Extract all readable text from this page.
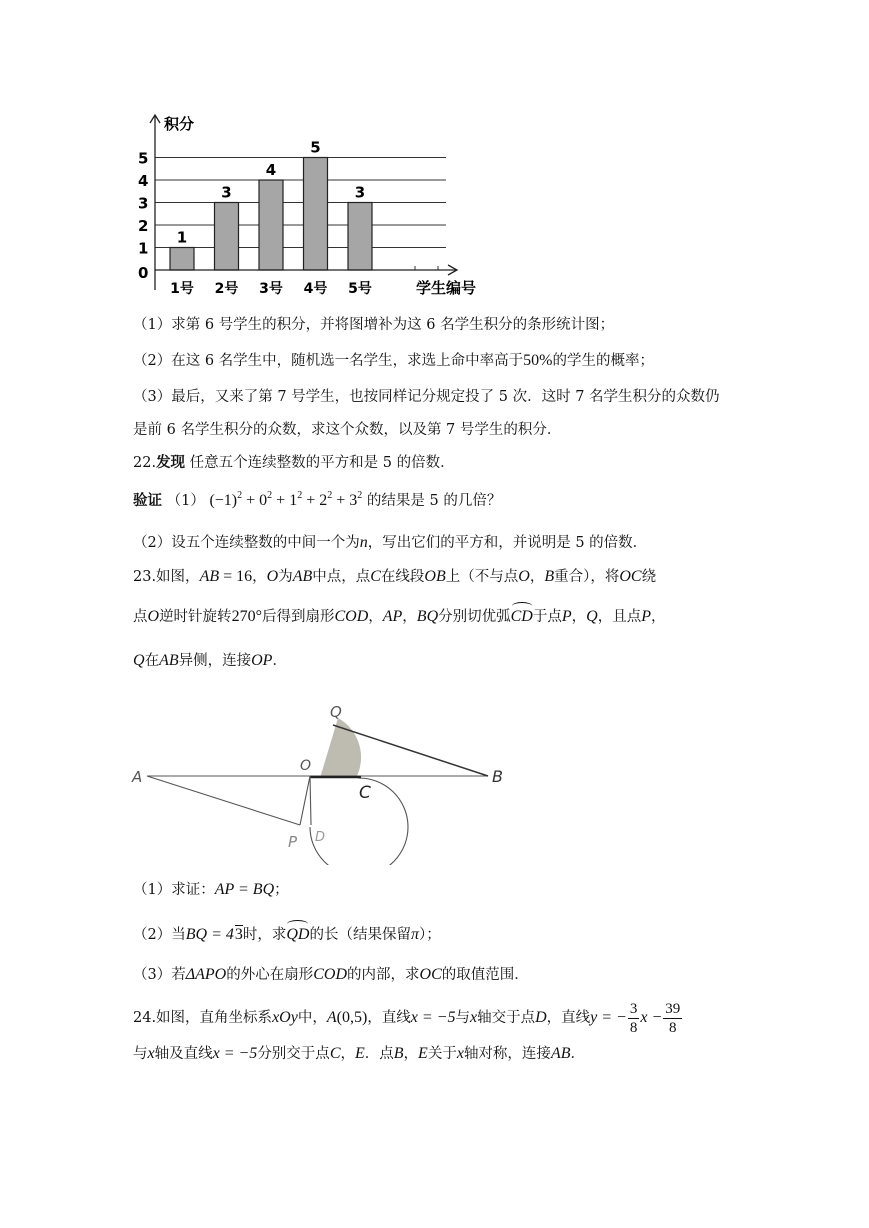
0
1
2
3
4
5
1号 2号 3号 4号 5号
1
3
4
5
3
积分
学生编号
（1）求第 6 号学生的积分，并将图增补为这 6 名学生积分的条形统计图；
（2）在这 6 名学生中，随机选一名学生，求选上命中率高于50%的学生的概率；
（3）最后，又来了第 7 号学生，也按同样记分规定投了 5 次．这时 7 名学生积分的众数仍
是前 6 名学生积分的众数，求这个众数，以及第 7 号学生的积分．
22.发现 任意五个连续整数的平方和是 5 的倍数．
验证 （1） $(-1)^2 + 0^2 + 1^2 + 2^2 + 3^2$ 的结果是 5 的几倍？
（2）设五个连续整数的中间一个为n，写出它们的平方和，并说明是 5 的倍数．
23.如图，AB = 16，O为AB中点，点C在线段OB上（不与点O，B重合），将OC绕
点O逆时针旋转270°后得到扇形COD，AP，BQ分别切优弧CD于点P，Q，且点P，
Q在AB异侧，连接OP．
A
O
B
C
Q
P D
（1）求证：AP = BQ；
（2）当BQ = 43时，求QD的长（结果保留π）；
（3）若ΔAPO的外心在扇形COD的内部，求OC的取值范围．
24.如图，直角坐标系xOy中，A(0,5)，直线x = −5与x轴交于点D，直线y = − $\frac{3}{8}$ $x - \frac{39}{8}$
与x轴及直线x = −5分别交于点C，E．点B，E关于x轴对称，连接AB．
